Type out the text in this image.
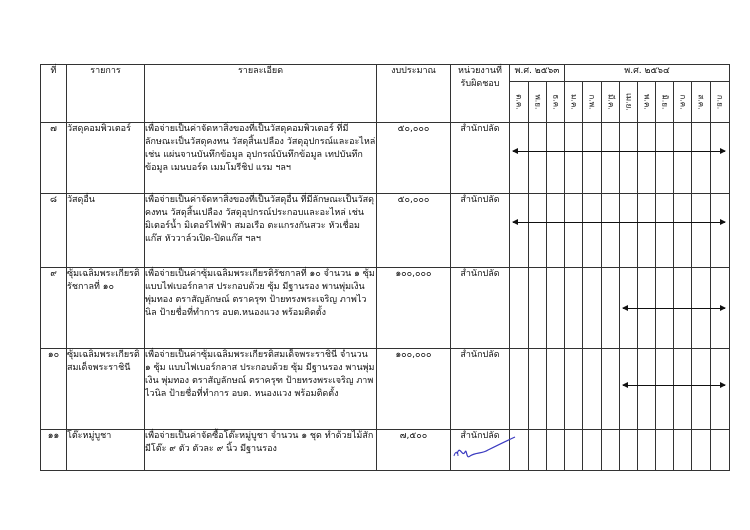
ที่	รายการ	รายละเอียด	งบประมาณ	หน่วยงานที่
รับผิดชอบ	พ.ศ. ๒๕๖๓			พ.ศ. ๒๕๖๔								

					ต.ค.	พ.ย.	ธ.ค.	ม.ค.	ก.พ.	มี.ค.	เม.ย.	พ.ค.	มิ.ย.	ก.ค.	ส.ค.	ก.ย.

๗	วัสดุคอมพิวเตอร์	เพื่อจ่ายเป็นค่าจัดหาสิ่งของที่เป็นวัสดุคอมพิวเตอร์ ที่มีลักษณะเป็นวัสดุคงทน วัสดุสิ้นเปลือง วัสดุอุปกรณ์และอะไหล่ เช่น แผ่นจานบันทึกข้อมูล อุปกรณ์บันทึกข้อมูล เทปบันทึกข้อมูล เมนบอร์ด เมมโมรีชิป แรม ฯลฯ	๕๐,๐๐๐	สำนักปลัด	

๘	วัสดุอื่น	เพื่อจ่ายเป็นค่าจัดหาสิ่งของที่เป็นวัสดุอื่น ที่มีลักษณะเป็นวัสดุคงทน วัสดุสิ้นเปลือง วัสดุอุปกรณ์ประกอบและอะไหล่ เช่น มิเตอร์น้ำ มิเตอร์ไฟฟ้า สมอเรือ ตะแกรงกันสวะ หัวเชื่อมแก๊ส หัววาล์วเปิด-ปิดแก๊ส ฯลฯ	๕๐,๐๐๐	สำนักปลัด	

๙	ซุ้มเฉลิมพระเกียรติรัชกาลที่ ๑๐	เพื่อจ่ายเป็นค่าซุ้มเฉลิมพระเกียรติรัชกาลที่ ๑๐ จำนวน ๑ ซุ้ม แบบไฟเบอร์กลาส ประกอบด้วย ซุ้ม มีฐานรอง พานพุ่มเงิน พุ่มทอง ตราสัญลักษณ์ ตราครุฑ ป้ายทรงพระเจริญ ภาพไวนิล ป้ายชื่อที่ทำการ อบต.หนองแวง พร้อมติดตั้ง	๑๐๐,๐๐๐	สำนักปลัด							

๑๐	ซุ้มเฉลิมพระเกียรติสมเด็จพระราชินี	เพื่อจ่ายเป็นค่าซุ้มเฉลิมพระเกียรติสมเด็จพระราชินี จำนวน ๑ ซุ้ม แบบไฟเบอร์กลาส ประกอบด้วย ซุ้ม มีฐานรอง พานพุ่มเงิน พุ่มทอง ตราสัญลักษณ์ ตราครุฑ ป้ายทรงพระเจริญ ภาพไวนิล ป้ายชื่อที่ทำการ อบต. หนองแวง พร้อมติดตั้ง	๑๐๐,๐๐๐	สำนักปลัด							

๑๑	โต๊ะหมู่บูชา	เพื่อจ่ายเป็นค่าจัดซื้อโต๊ะหมู่บูชา จำนวน ๑ ชุด ทำด้วยไม้สัก มีโต๊ะ ๙ ตัว ตัวละ ๙ นิ้ว มีฐานรอง	๗,๕๐๐	สำนักปลัด												
